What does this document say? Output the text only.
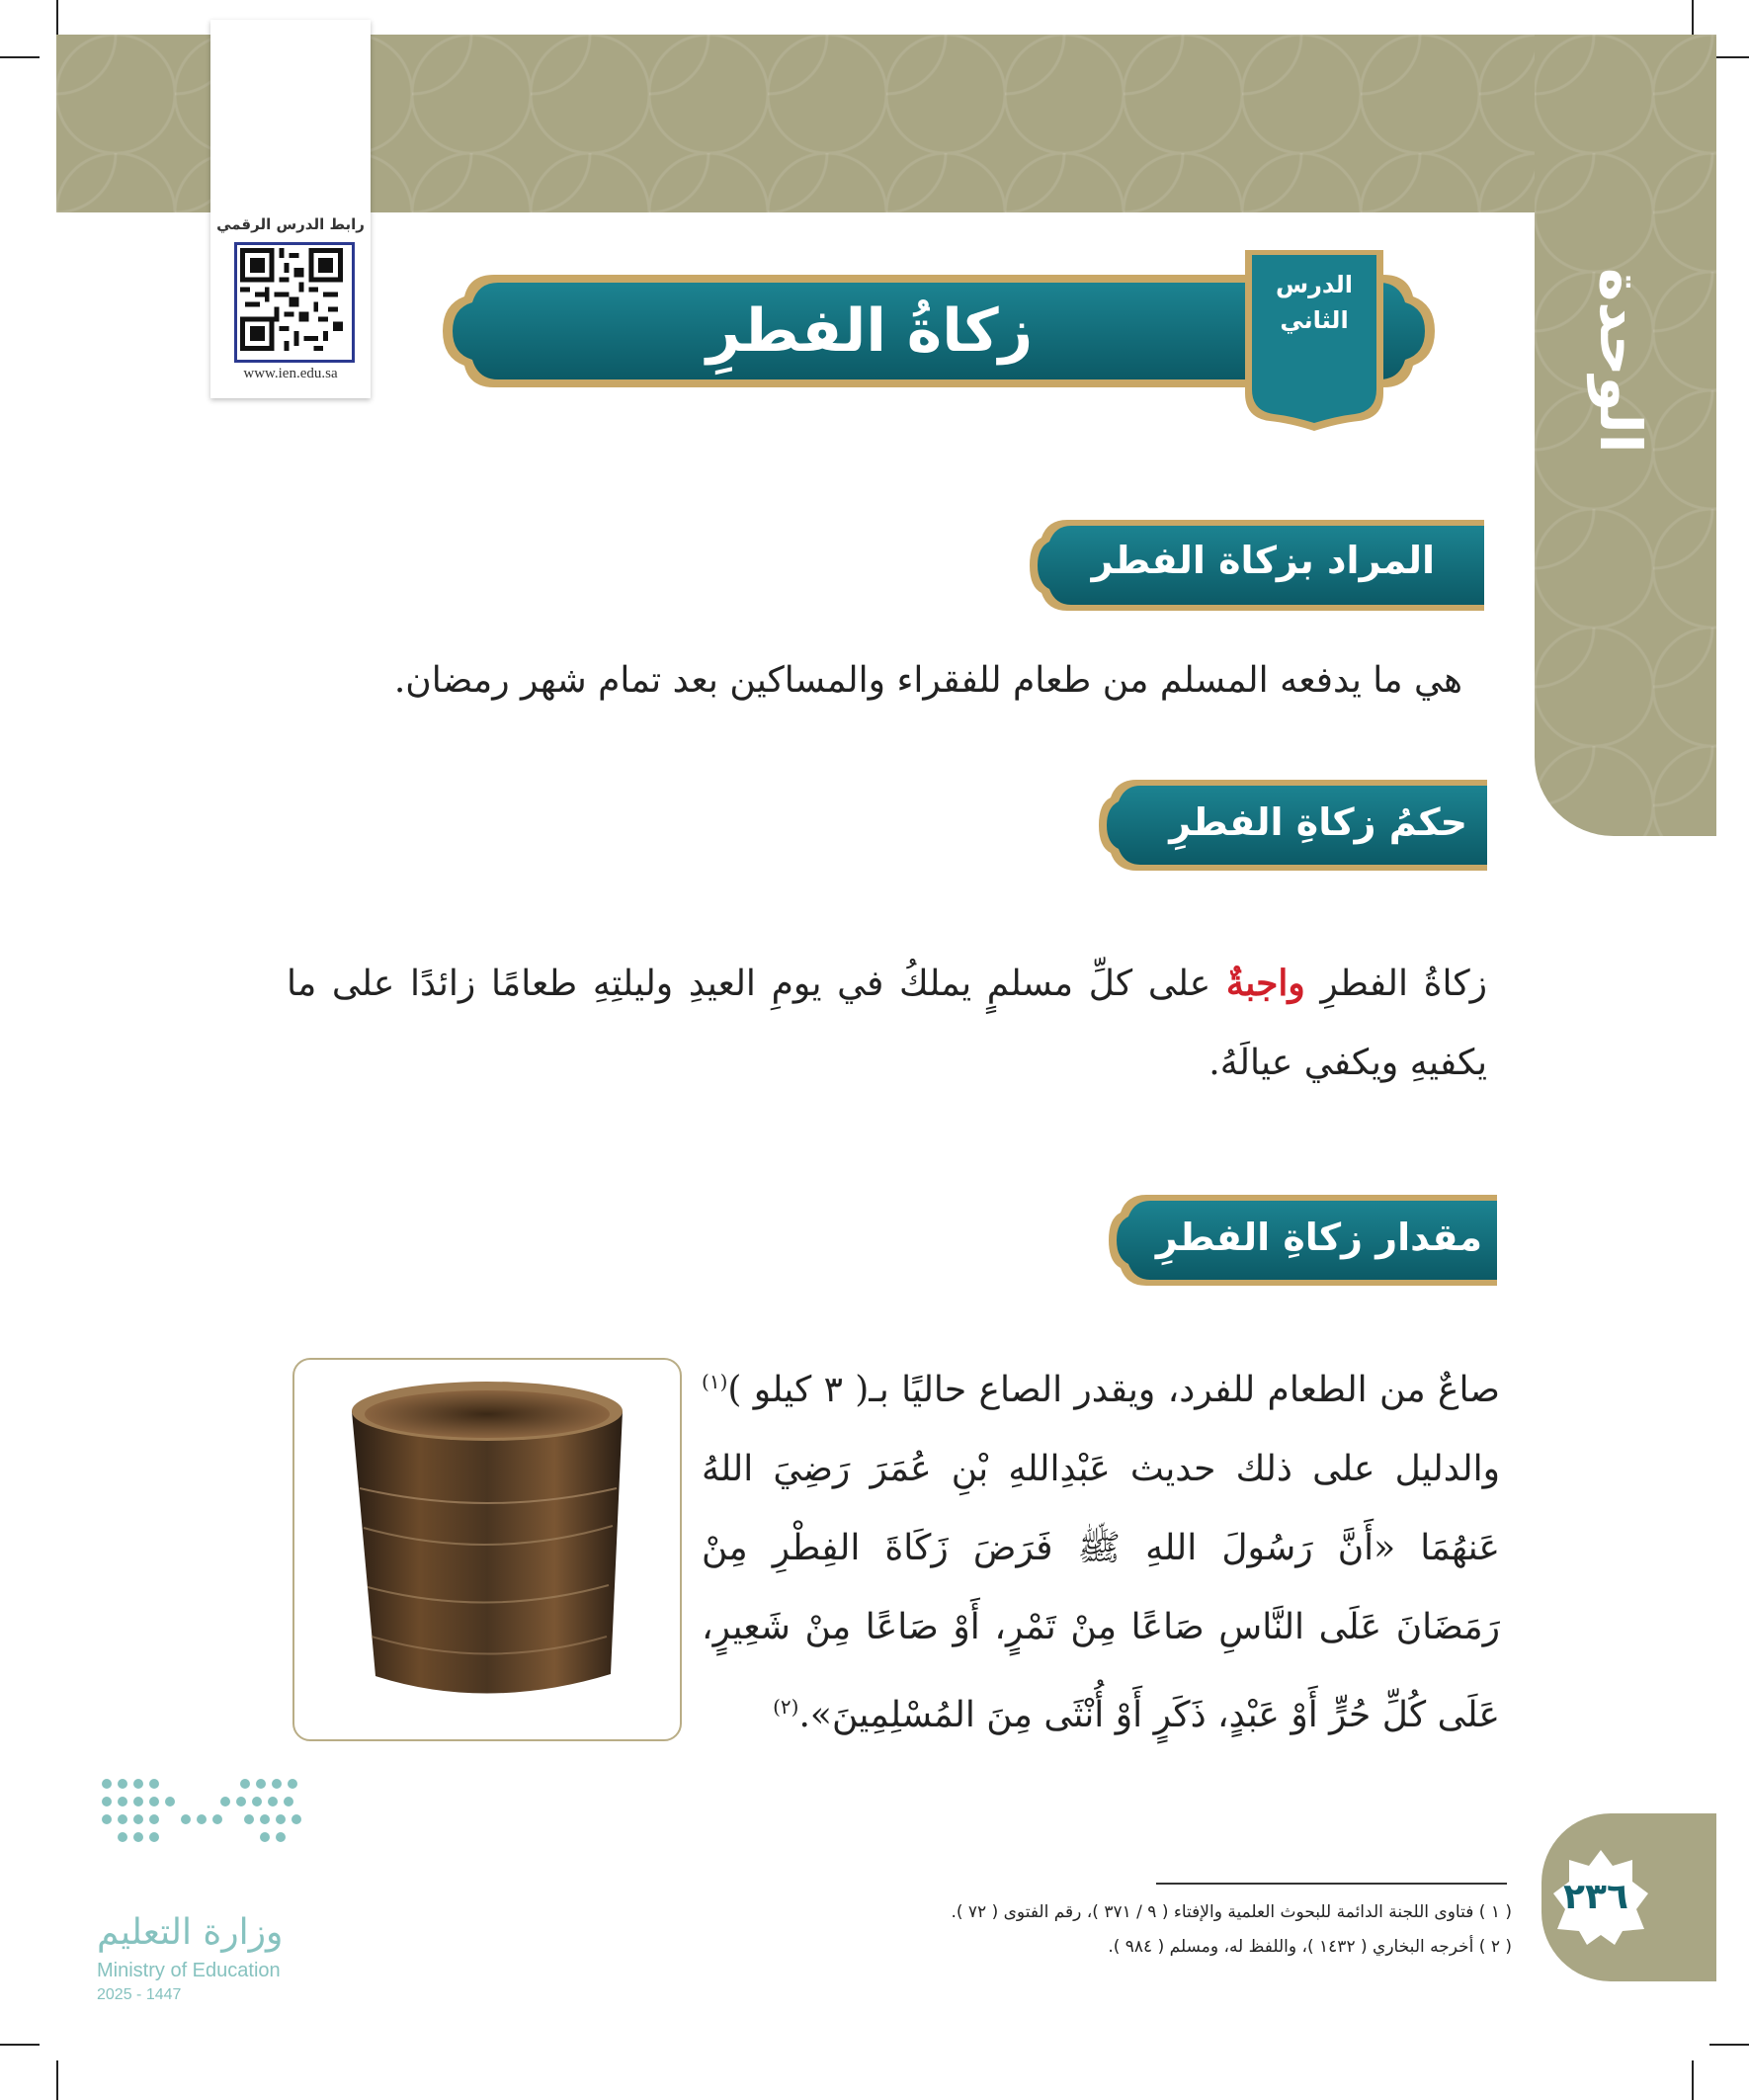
الوحدة الثانية
رابط الدرس الرقمي
www.ien.edu.sa
زكاةُ الفطرِ
الدرس
الثاني
المراد بزكاة الفطر
هي ما يدفعه المسلم من طعام للفقراء والمساكين بعد تمام شهر رمضان.
حكمُ زكاةِ الفطرِ
زكاةُ الفطرِ واجبةٌ على كلِّ مسلمٍ يملكُ في يومِ العيدِ وليلتِهِ طعامًا زائدًا على ما يكفيهِ ويكفي عيالَهُ.
مقدار زكاةِ الفطرِ
صاعٌ من الطعام للفرد، ويقدر الصاع حاليًا بـ( ٣ كيلو )$^{(١)}$ والدليل على ذلك حديث عَبْدِاللهِ بْنِ عُمَرَ رَضِيَ اللهُ عَنهُمَا «أَنَّ رَسُولَ اللهِ ﷺ فَرَضَ زَكَاةَ الفِطْرِ مِنْ رَمَضَانَ عَلَى النَّاسِ صَاعًا مِنْ تَمْرٍ، أَوْ صَاعًا مِنْ شَعِيرٍ، عَلَى كُلِّ حُرٍّ أَوْ عَبْدٍ، ذَكَرٍ أَوْ أُنْثَى مِنَ المُسْلِمِينَ».$^{(٢)}$
( ١ ) فتاوى اللجنة الدائمة للبحوث العلمية والإفتاء ( ٩ / ٣٧١ )، رقم الفتوى ( ٧٢ ).
( ٢ ) أخرجه البخاري ( ١٤٣٢ )، واللفظ له، ومسلم ( ٩٨٤ ).
٢٣٦
وزارة التعليم
Ministry of Education
2025 - 1447
